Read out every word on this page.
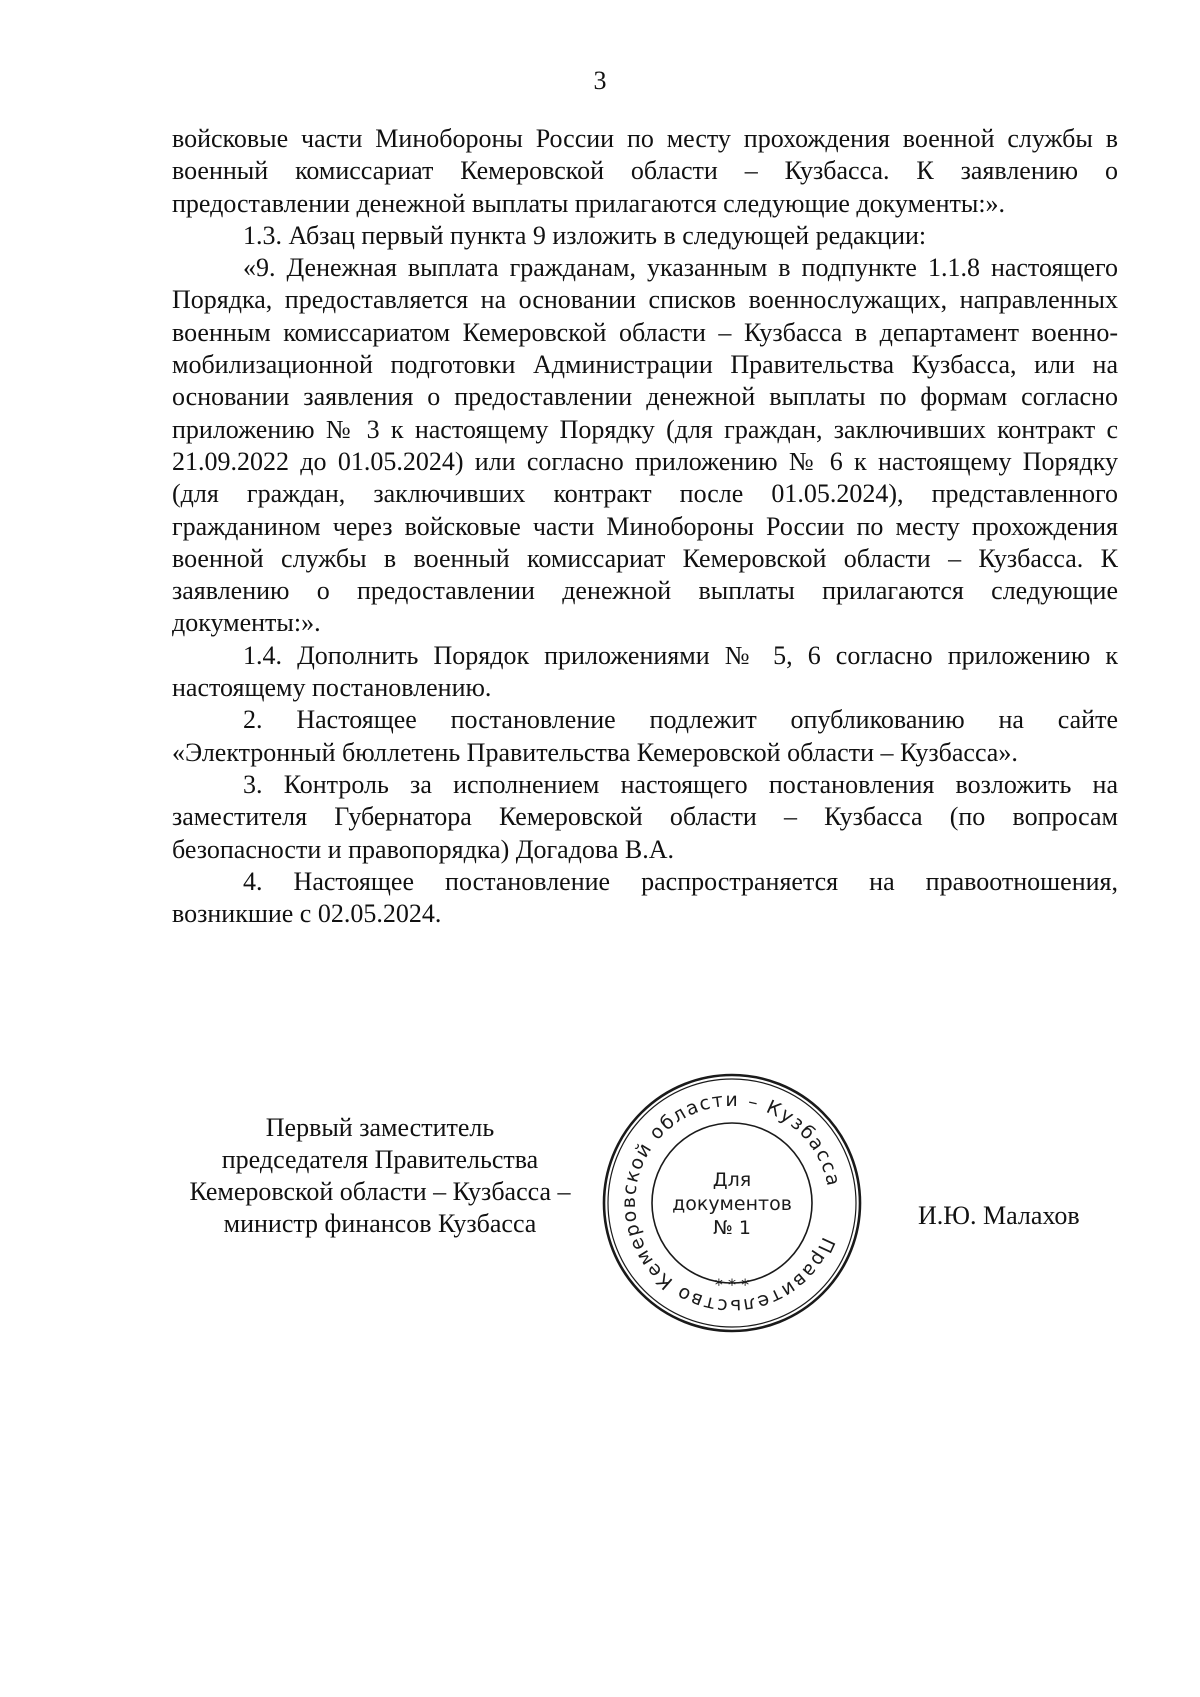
3

войсковые части Минобороны России по месту прохождения военной службы в военный комиссариат Кемеровской области – Кузбасса. К заявлению о предоставлении денежной выплаты прилагаются следующие документы:».

1.3. Абзац первый пункта 9 изложить в следующей редакции:

«9. Денежная выплата гражданам, указанным в подпункте 1.1.8 настоящего Порядка, предоставляется на основании списков военнослужащих, направленных военным комиссариатом Кемеровской области – Кузбасса в департамент военно-мобилизационной подготовки Администрации Правительства Кузбасса, или на основании заявления о предоставлении денежной выплаты по формам согласно приложению № 3 к настоящему Порядку (для граждан, заключивших контракт с 21.09.2022 до 01.05.2024) или согласно приложению № 6 к настоящему Порядку (для граждан, заключивших контракт после 01.05.2024), представленного гражданином через войсковые части Минобороны России по месту прохождения военной службы в военный комиссариат Кемеровской области – Кузбасса. К заявлению о предоставлении денежной выплаты прилагаются следующие документы:».

1.4. Дополнить Порядок приложениями № 5, 6 согласно приложению к настоящему постановлению.

2. Настоящее постановление подлежит опубликованию на сайте «Электронный бюллетень Правительства Кемеровской области – Кузбасса».

3. Контроль за исполнением настоящего постановления возложить на заместителя Губернатора Кемеровской области – Кузбасса (по вопросам безопасности и правопорядка) Догадова В.А.

4. Настоящее постановление распространяется на правоотношения, возникшие с 02.05.2024.

Первый заместитель
председателя Правительства
Кемеровской области – Кузбасса –
министр финансов Кузбасса
Правительство Кемеровской области – Кузбасса
* * *
Для
документов
№ 1	И.Ю. Малахов
